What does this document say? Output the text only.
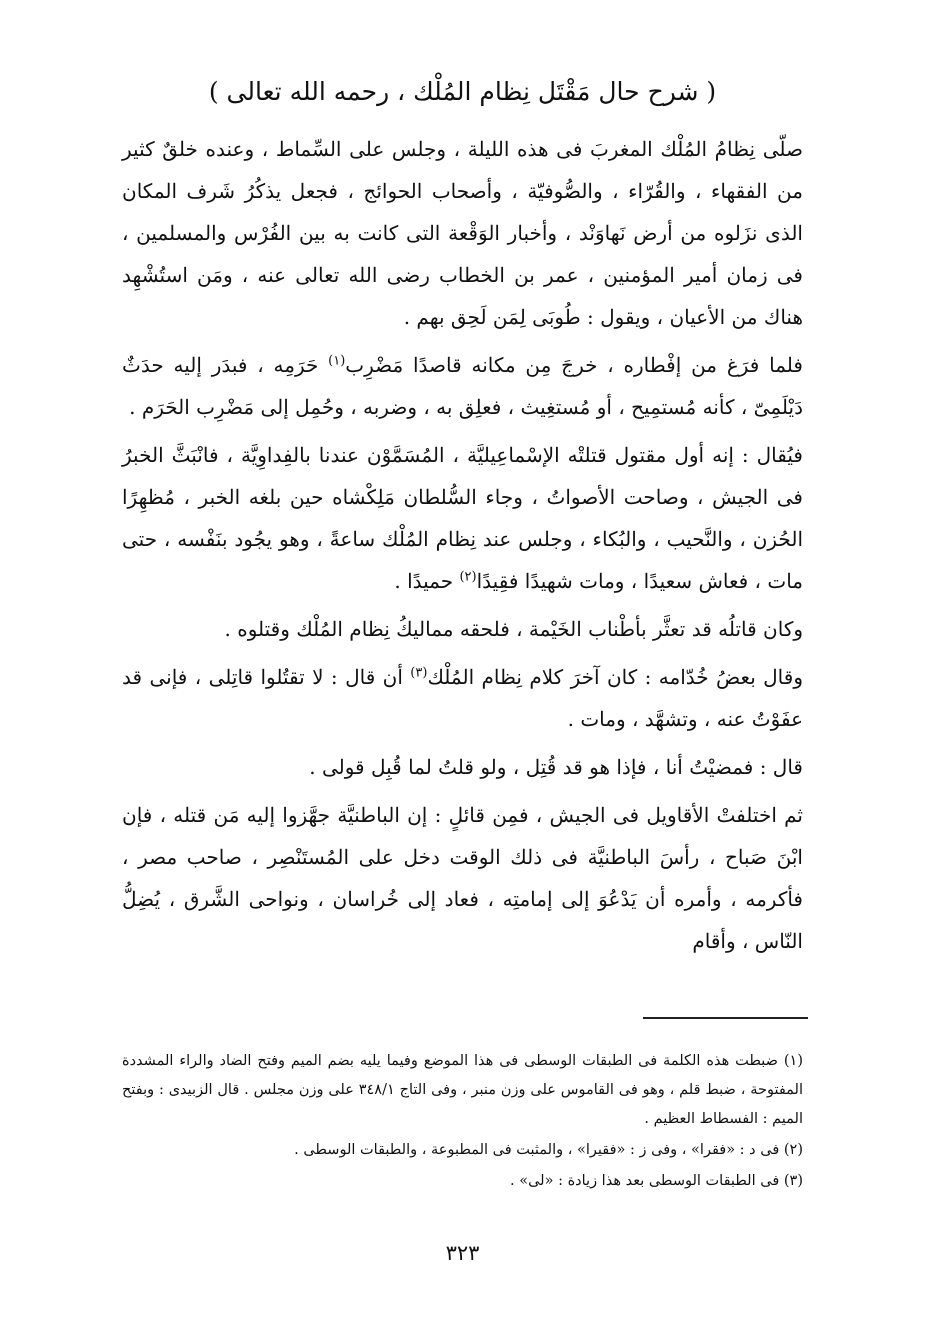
( شرح حال مَقْتَل نِظام المُلْك ، رحمه الله تعالى )

صلّى نِظامُ المُلْك المغربَ فى هذه الليلة ، وجلس على السِّماط ، وعنده خلقٌ كثير من الفقهاء ، والقُرّاء ، والصُّوفيّة ، وأصحاب الحوائج ، فجعل يذكُرُ شَرف المكان الذى نزَلوه من أرض نَهاوَنْد ، وأخبار الوَقْعة التى كانت به بين الفُرْس والمسلمين ، فى زمان أمير المؤمنين ، عمر بن الخطاب رضى الله تعالى عنه ، ومَن استُشْهِد هناك من الأعيان ، ويقول : طُوبَى لِمَن لَحِق بهم .

فلما فرَغ من إفْطاره ، خرجَ مِن مكانه قاصدًا مَضْرِب$^{(١)}$ حَرَمِه ، فبدَر إليه حدَثٌ دَيْلَمِىّ ، كأنه مُستمِيح ، أو مُستغِيث ، فعلِق به ، وضربه ، وحُمِل إلى مَضْرِب الحَرَم .

فيُقال : إنه أول مقتول قتلتْه الإسْماعِيليَّة ، المُسَمَّوْن عندنا بالفِداوِيَّة ، فانْبَثَّ الخبرُ فى الجيش ، وصاحت الأصواتُ ، وجاء السُّلطان مَلِكْشاه حين بلغه الخبر ، مُظهِرًا الحُزن ، والنَّحيب ، والبُكاء ، وجلس عند نِظام المُلْك ساعةً ، وهو يجُود بنَفْسه ، حتى مات ، فعاش سعيدًا ، ومات شهيدًا فقِيدًا$^{(٢)}$ حميدًا .

وكان قاتلُه قد تعثَّر بأطْناب الخَيْمة ، فلحقه مماليكُ نِظام المُلْك وقتلوه .

وقال بعضُ خُدّامه : كان آخرَ كلام نِظام المُلْك$^{(٣)}$ أن قال : لا تقتُلوا قاتِلى ، فإنى قد عفَوْتُ عنه ، وتشهَّد ، ومات .

قال : فمضيْتُ أنا ، فإذا هو قد قُتِل ، ولو قلتُ لما قُبِل قولى .

ثم اختلفتْ الأقاويل فى الجيش ، فمِن قائلٍ : إن الباطنيَّة جهَّزوا إليه مَن قتله ، فإن ابْنَ صَباح ، رأسَ الباطنيَّة فى ذلك الوقت دخل على المُستَنْصِر ، صاحب مصر ، فأكرمه ، وأمره أن يَدْعُوَ إلى إمامتِه ، فعاد إلى خُراسان ، ونواحى الشَّرق ، يُضِلُّ النّاس ، وأقام

(١) ضبطت هذه الكلمة فى الطبقات الوسطى فى هذا الموضع وفيما يليه بضم الميم وفتح الضاد والراء المشددة المفتوحة ، ضبط قلم ، وهو فى القاموس على وزن منبر ، وفى التاج ٣٤٨/١ على وزن مجلس . قال الزبيدى : وبفتح الميم : الفسطاط العظيم .

(٢) فى د : «فقرا» ، وفى ز : «فقيرا» ، والمثبت فى المطبوعة ، والطبقات الوسطى .

(٣) فى الطبقات الوسطى بعد هذا زيادة : «لى» .

٣٢٣
